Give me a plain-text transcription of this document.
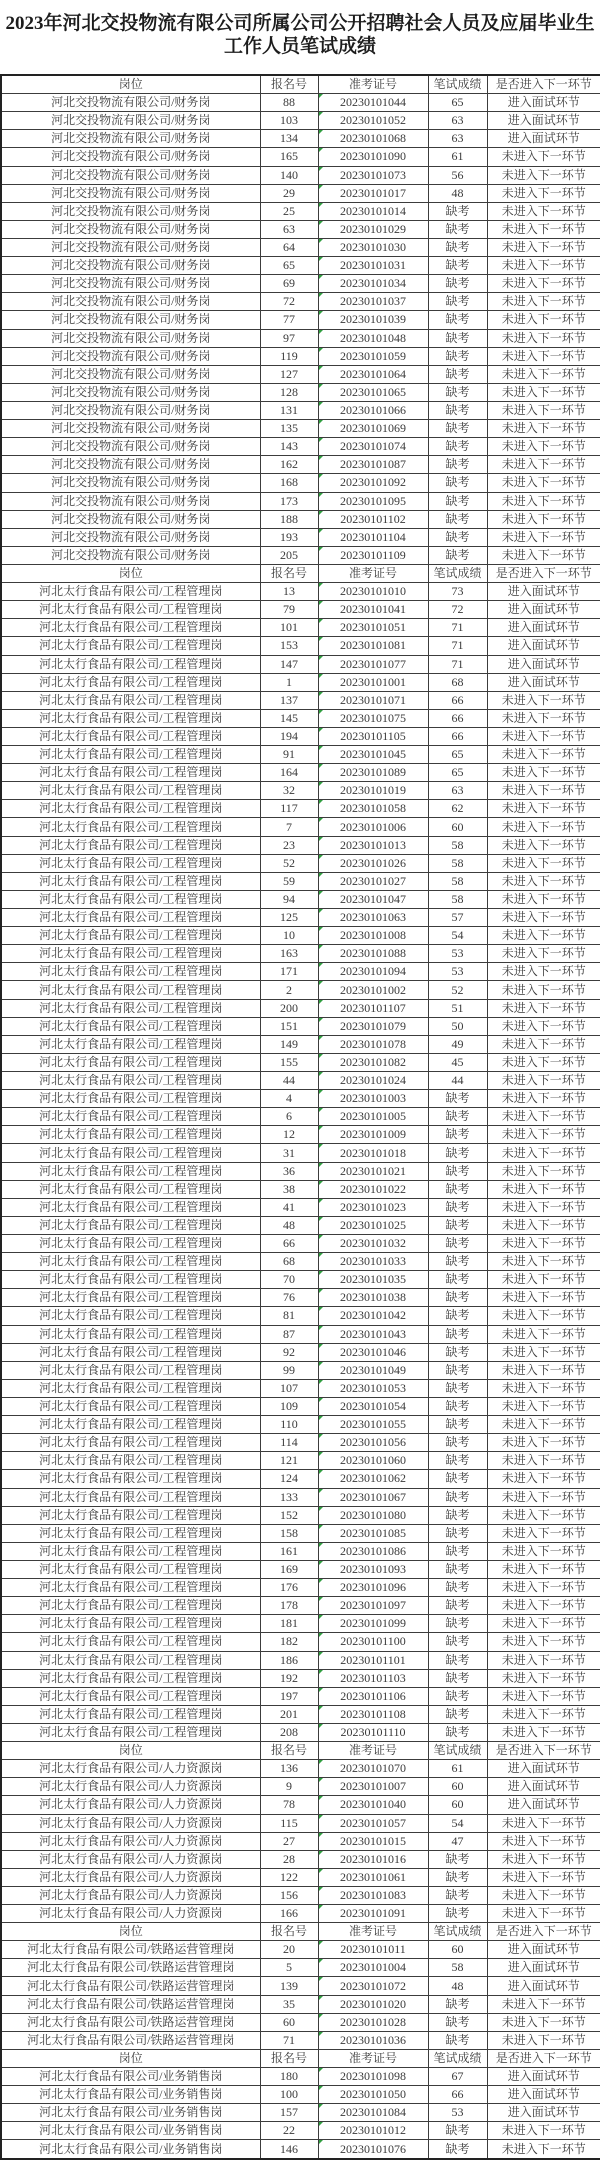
2023年河北交投物流有限公司所属公司公开招聘社会人员及应届毕业生
工作人员笔试成绩
岗位	报名号	准考证号	笔试成绩	是否进入下一环节
河北交投物流有限公司/财务岗	88	20230101044	65	进入面试环节
河北交投物流有限公司/财务岗	103	20230101052	63	进入面试环节
河北交投物流有限公司/财务岗	134	20230101068	63	进入面试环节
河北交投物流有限公司/财务岗	165	20230101090	61	未进入下一环节
河北交投物流有限公司/财务岗	140	20230101073	56	未进入下一环节
河北交投物流有限公司/财务岗	29	20230101017	48	未进入下一环节
河北交投物流有限公司/财务岗	25	20230101014	缺考	未进入下一环节
河北交投物流有限公司/财务岗	63	20230101029	缺考	未进入下一环节
河北交投物流有限公司/财务岗	64	20230101030	缺考	未进入下一环节
河北交投物流有限公司/财务岗	65	20230101031	缺考	未进入下一环节
河北交投物流有限公司/财务岗	69	20230101034	缺考	未进入下一环节
河北交投物流有限公司/财务岗	72	20230101037	缺考	未进入下一环节
河北交投物流有限公司/财务岗	77	20230101039	缺考	未进入下一环节
河北交投物流有限公司/财务岗	97	20230101048	缺考	未进入下一环节
河北交投物流有限公司/财务岗	119	20230101059	缺考	未进入下一环节
河北交投物流有限公司/财务岗	127	20230101064	缺考	未进入下一环节
河北交投物流有限公司/财务岗	128	20230101065	缺考	未进入下一环节
河北交投物流有限公司/财务岗	131	20230101066	缺考	未进入下一环节
河北交投物流有限公司/财务岗	135	20230101069	缺考	未进入下一环节
河北交投物流有限公司/财务岗	143	20230101074	缺考	未进入下一环节
河北交投物流有限公司/财务岗	162	20230101087	缺考	未进入下一环节
河北交投物流有限公司/财务岗	168	20230101092	缺考	未进入下一环节
河北交投物流有限公司/财务岗	173	20230101095	缺考	未进入下一环节
河北交投物流有限公司/财务岗	188	20230101102	缺考	未进入下一环节
河北交投物流有限公司/财务岗	193	20230101104	缺考	未进入下一环节
河北交投物流有限公司/财务岗	205	20230101109	缺考	未进入下一环节
岗位	报名号	准考证号	笔试成绩	是否进入下一环节
河北太行食品有限公司/工程管理岗	13	20230101010	73	进入面试环节
河北太行食品有限公司/工程管理岗	79	20230101041	72	进入面试环节
河北太行食品有限公司/工程管理岗	101	20230101051	71	进入面试环节
河北太行食品有限公司/工程管理岗	153	20230101081	71	进入面试环节
河北太行食品有限公司/工程管理岗	147	20230101077	71	进入面试环节
河北太行食品有限公司/工程管理岗	1	20230101001	68	进入面试环节
河北太行食品有限公司/工程管理岗	137	20230101071	66	未进入下一环节
河北太行食品有限公司/工程管理岗	145	20230101075	66	未进入下一环节
河北太行食品有限公司/工程管理岗	194	20230101105	66	未进入下一环节
河北太行食品有限公司/工程管理岗	91	20230101045	65	未进入下一环节
河北太行食品有限公司/工程管理岗	164	20230101089	65	未进入下一环节
河北太行食品有限公司/工程管理岗	32	20230101019	63	未进入下一环节
河北太行食品有限公司/工程管理岗	117	20230101058	62	未进入下一环节
河北太行食品有限公司/工程管理岗	7	20230101006	60	未进入下一环节
河北太行食品有限公司/工程管理岗	23	20230101013	58	未进入下一环节
河北太行食品有限公司/工程管理岗	52	20230101026	58	未进入下一环节
河北太行食品有限公司/工程管理岗	59	20230101027	58	未进入下一环节
河北太行食品有限公司/工程管理岗	94	20230101047	58	未进入下一环节
河北太行食品有限公司/工程管理岗	125	20230101063	57	未进入下一环节
河北太行食品有限公司/工程管理岗	10	20230101008	54	未进入下一环节
河北太行食品有限公司/工程管理岗	163	20230101088	53	未进入下一环节
河北太行食品有限公司/工程管理岗	171	20230101094	53	未进入下一环节
河北太行食品有限公司/工程管理岗	2	20230101002	52	未进入下一环节
河北太行食品有限公司/工程管理岗	200	20230101107	51	未进入下一环节
河北太行食品有限公司/工程管理岗	151	20230101079	50	未进入下一环节
河北太行食品有限公司/工程管理岗	149	20230101078	49	未进入下一环节
河北太行食品有限公司/工程管理岗	155	20230101082	45	未进入下一环节
河北太行食品有限公司/工程管理岗	44	20230101024	44	未进入下一环节
河北太行食品有限公司/工程管理岗	4	20230101003	缺考	未进入下一环节
河北太行食品有限公司/工程管理岗	6	20230101005	缺考	未进入下一环节
河北太行食品有限公司/工程管理岗	12	20230101009	缺考	未进入下一环节
河北太行食品有限公司/工程管理岗	31	20230101018	缺考	未进入下一环节
河北太行食品有限公司/工程管理岗	36	20230101021	缺考	未进入下一环节
河北太行食品有限公司/工程管理岗	38	20230101022	缺考	未进入下一环节
河北太行食品有限公司/工程管理岗	41	20230101023	缺考	未进入下一环节
河北太行食品有限公司/工程管理岗	48	20230101025	缺考	未进入下一环节
河北太行食品有限公司/工程管理岗	66	20230101032	缺考	未进入下一环节
河北太行食品有限公司/工程管理岗	68	20230101033	缺考	未进入下一环节
河北太行食品有限公司/工程管理岗	70	20230101035	缺考	未进入下一环节
河北太行食品有限公司/工程管理岗	76	20230101038	缺考	未进入下一环节
河北太行食品有限公司/工程管理岗	81	20230101042	缺考	未进入下一环节
河北太行食品有限公司/工程管理岗	87	20230101043	缺考	未进入下一环节
河北太行食品有限公司/工程管理岗	92	20230101046	缺考	未进入下一环节
河北太行食品有限公司/工程管理岗	99	20230101049	缺考	未进入下一环节
河北太行食品有限公司/工程管理岗	107	20230101053	缺考	未进入下一环节
河北太行食品有限公司/工程管理岗	109	20230101054	缺考	未进入下一环节
河北太行食品有限公司/工程管理岗	110	20230101055	缺考	未进入下一环节
河北太行食品有限公司/工程管理岗	114	20230101056	缺考	未进入下一环节
河北太行食品有限公司/工程管理岗	121	20230101060	缺考	未进入下一环节
河北太行食品有限公司/工程管理岗	124	20230101062	缺考	未进入下一环节
河北太行食品有限公司/工程管理岗	133	20230101067	缺考	未进入下一环节
河北太行食品有限公司/工程管理岗	152	20230101080	缺考	未进入下一环节
河北太行食品有限公司/工程管理岗	158	20230101085	缺考	未进入下一环节
河北太行食品有限公司/工程管理岗	161	20230101086	缺考	未进入下一环节
河北太行食品有限公司/工程管理岗	169	20230101093	缺考	未进入下一环节
河北太行食品有限公司/工程管理岗	176	20230101096	缺考	未进入下一环节
河北太行食品有限公司/工程管理岗	178	20230101097	缺考	未进入下一环节
河北太行食品有限公司/工程管理岗	181	20230101099	缺考	未进入下一环节
河北太行食品有限公司/工程管理岗	182	20230101100	缺考	未进入下一环节
河北太行食品有限公司/工程管理岗	186	20230101101	缺考	未进入下一环节
河北太行食品有限公司/工程管理岗	192	20230101103	缺考	未进入下一环节
河北太行食品有限公司/工程管理岗	197	20230101106	缺考	未进入下一环节
河北太行食品有限公司/工程管理岗	201	20230101108	缺考	未进入下一环节
河北太行食品有限公司/工程管理岗	208	20230101110	缺考	未进入下一环节
岗位	报名号	准考证号	笔试成绩	是否进入下一环节
河北太行食品有限公司/人力资源岗	136	20230101070	61	进入面试环节
河北太行食品有限公司/人力资源岗	9	20230101007	60	进入面试环节
河北太行食品有限公司/人力资源岗	78	20230101040	60	进入面试环节
河北太行食品有限公司/人力资源岗	115	20230101057	54	未进入下一环节
河北太行食品有限公司/人力资源岗	27	20230101015	47	未进入下一环节
河北太行食品有限公司/人力资源岗	28	20230101016	缺考	未进入下一环节
河北太行食品有限公司/人力资源岗	122	20230101061	缺考	未进入下一环节
河北太行食品有限公司/人力资源岗	156	20230101083	缺考	未进入下一环节
河北太行食品有限公司/人力资源岗	166	20230101091	缺考	未进入下一环节
岗位	报名号	准考证号	笔试成绩	是否进入下一环节
河北太行食品有限公司/铁路运营管理岗	20	20230101011	60	进入面试环节
河北太行食品有限公司/铁路运营管理岗	5	20230101004	58	进入面试环节
河北太行食品有限公司/铁路运营管理岗	139	20230101072	48	进入面试环节
河北太行食品有限公司/铁路运营管理岗	35	20230101020	缺考	未进入下一环节
河北太行食品有限公司/铁路运营管理岗	60	20230101028	缺考	未进入下一环节
河北太行食品有限公司/铁路运营管理岗	71	20230101036	缺考	未进入下一环节
岗位	报名号	准考证号	笔试成绩	是否进入下一环节
河北太行食品有限公司/业务销售岗	180	20230101098	67	进入面试环节
河北太行食品有限公司/业务销售岗	100	20230101050	66	进入面试环节
河北太行食品有限公司/业务销售岗	157	20230101084	53	进入面试环节
河北太行食品有限公司/业务销售岗	22	20230101012	缺考	未进入下一环节
河北太行食品有限公司/业务销售岗	146	20230101076	缺考	未进入下一环节
